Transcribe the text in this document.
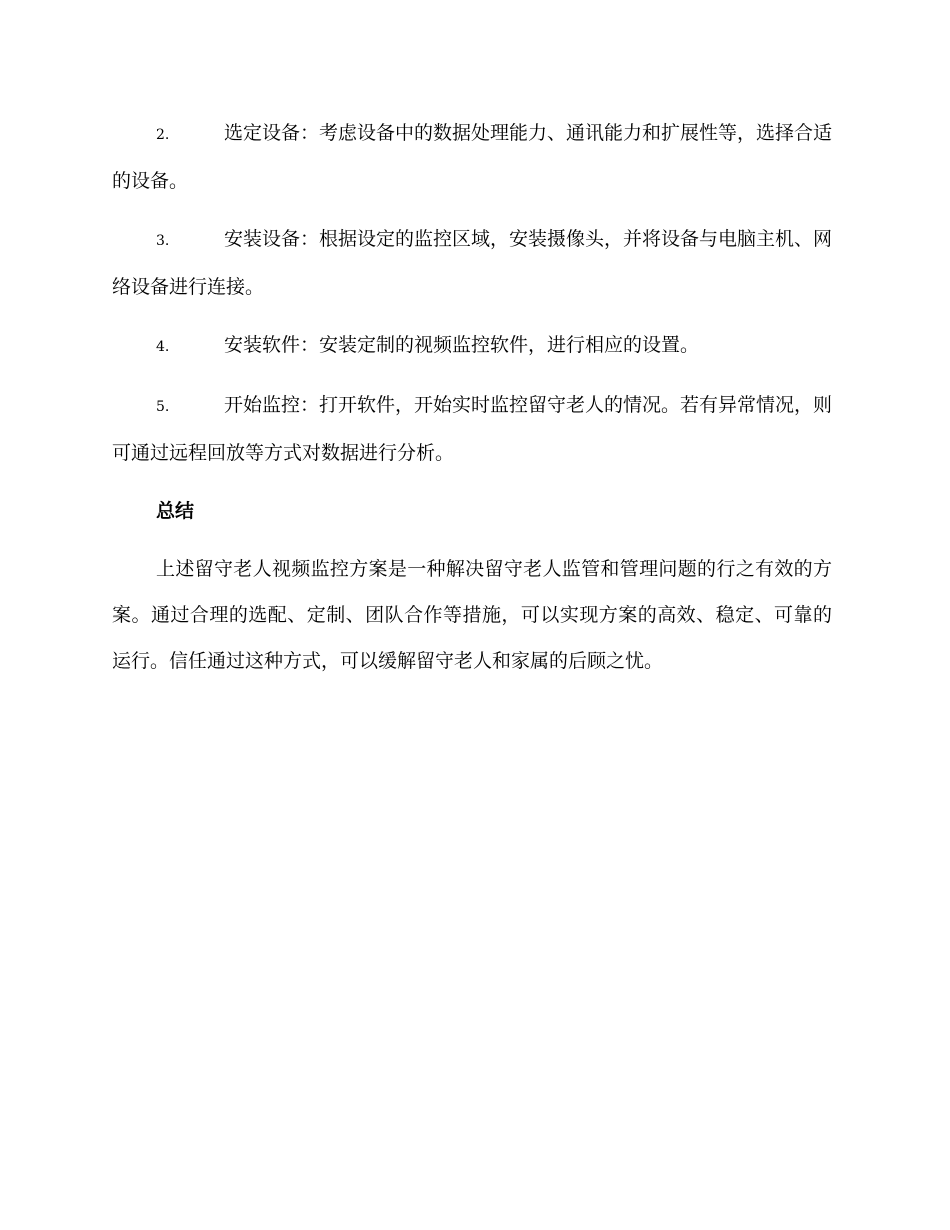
2.	选定设备：考虑设备中的数据处理能力、通讯能力和扩展性等，选择合适的设备。

3.	安装设备：根据设定的监控区域，安装摄像头，并将设备与电脑主机、网络设备进行连接。

4.	安装软件：安装定制的视频监控软件，进行相应的设置。

5.	开始监控：打开软件，开始实时监控留守老人的情况。若有异常情况，则可通过远程回放等方式对数据进行分析。

总结

上述留守老人视频监控方案是一种解决留守老人监管和管理问题的行之有效的方案。通过合理的选配、定制、团队合作等措施，可以实现方案的高效、稳定、可靠的运行。信任通过这种方式，可以缓解留守老人和家属的后顾之忧。
